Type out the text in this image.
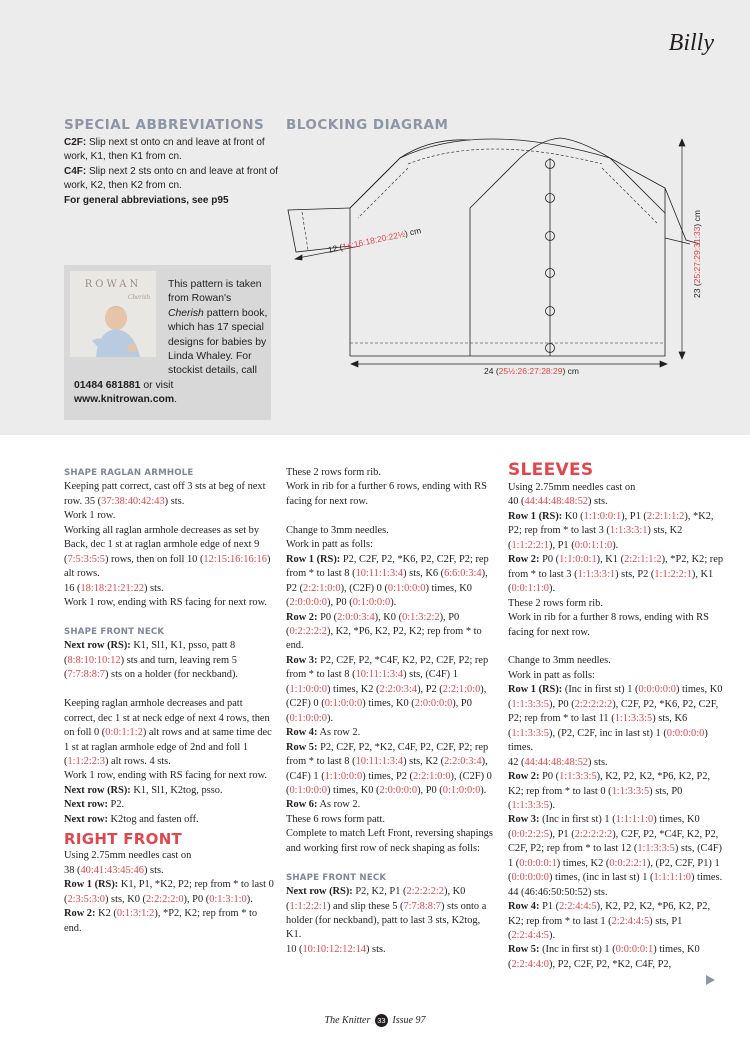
Billy
SPECIAL ABBREVIATIONS
C2F: Slip next st onto cn and leave at front of work, K1, then K1 from cn.
C4F: Slip next 2 sts onto cn and leave at front of work, K2, then K2 from cn.
For general abbreviations, see p95
ROWAN
Cherish
This pattern is taken from Rowan's Cherish pattern book, which has 17 special designs for babies by Linda Whaley. For stockist details, call
01484 681881 or visit
www.knitrowan.com.
BLOCKING DIAGRAM
12 (14:16:18:20:22½) cm
24 (25½:26:27:28:29) cm
23 (25:27:29:31:33) cm

SHAPE RAGLAN ARMHOLE

Keeping patt correct, cast off 3 sts at beg of next row. 35 (37:38:40:42:43) sts.

Work 1 row.

Working all raglan armhole decreases as set by Back, dec 1 st at raglan armhole edge of next 9 (7:5:3:5:5) rows, then on foll 10 (12:15:16:16:16) alt rows.

16 (18:18:21:21:22) sts.

Work 1 row, ending with RS facing for next row.

SHAPE FRONT NECK

Next row (RS): K1, Sl1, K1, psso, patt 8 (8:8:10:10:12) sts and turn, leaving rem 5 (7:7:8:8:7) sts on a holder (for neckband).

Keeping raglan armhole decreases and patt correct, dec 1 st at neck edge of next 4 rows, then on foll 0 (0:0:1:1:2) alt rows and at same time dec 1 st at raglan armhole edge of 2nd and foll 1 (1:1:2:2:3) alt rows. 4 sts.

Work 1 row, ending with RS facing for next row.

Next row (RS): K1, Sl1, K2tog, psso.

Next row: P2.

Next row: K2tog and fasten off.

RIGHT FRONT

Using 2.75mm needles cast on

38 (40:41:43:45:46) sts.

Row 1 (RS): K1, P1, *K2, P2; rep from * to last 0 (2:3:5:3:0) sts, K0 (2:2:2:2:0), P0 (0:1:3:1:0).

Row 2: K2 (0:1:3:1:2), *P2, K2; rep from * to end.

These 2 rows form rib.

Work in rib for a further 6 rows, ending with RS facing for next row.

Change to 3mm needles.

Work in patt as folls:

Row 1 (RS): P2, C2F, P2, *K6, P2, C2F, P2; rep from * to last 8 (10:11:1:3:4) sts, K6 (6:6:0:3:4), P2 (2:2:1:0:0), (C2F) 0 (0:1:0:0:0) times, K0 (2:0:0:0:0), P0 (0:1:0:0:0).

Row 2: P0 (2:0:0:3:4), K0 (0:1:3:2:2), P0 (0:2:2:2:2), K2, *P6, K2, P2, K2; rep from * to end.

Row 3: P2, C2F, P2, *C4F, K2, P2, C2F, P2; rep from * to last 8 (10:11:1:3:4) sts, (C4F) 1 (1:1:0:0:0) times, K2 (2:2:0:3:4), P2 (2:2:1:0:0), (C2F) 0 (0:1:0:0:0) times, K0 (2:0:0:0:0), P0 (0:1:0:0:0).

Row 4: As row 2.

Row 5: P2, C2F, P2, *K2, C4F, P2, C2F, P2; rep from * to last 8 (10:11:1:3:4) sts, K2 (2:2:0:3:4), (C4F) 1 (1:1:0:0:0) times, P2 (2:2:1:0:0), (C2F) 0 (0:1:0:0:0) times, K0 (2:0:0:0:0), P0 (0:1:0:0:0).

Row 6: As row 2.

These 6 rows form patt.

Complete to match Left Front, reversing shapings and working first row of neck shaping as folls:

SHAPE FRONT NECK

Next row (RS): P2, K2, P1 (2:2:2:2:2), K0 (1:1:2:2:1) and slip these 5 (7:7:8:8:7) sts onto a holder (for neckband), patt to last 3 sts, K2tog, K1.

10 (10:10:12:12:14) sts.

SLEEVES

Using 2.75mm needles cast on

40 (44:44:48:48:52) sts.

Row 1 (RS): K0 (1:1:0:0:1), P1 (2:2:1:1:2), *K2, P2; rep from * to last 3 (1:1:3:3:1) sts, K2 (1:1:2:2:1), P1 (0:0:1:1:0).

Row 2: P0 (1:1:0:0:1), K1 (2:2:1:1:2), *P2, K2; rep from * to last 3 (1:1:3:3:1) sts, P2 (1:1:2:2:1), K1 (0:0:1:1:0).

These 2 rows form rib.

Work in rib for a further 8 rows, ending with RS facing for next row.

Change to 3mm needles.

Work in patt as folls:

Row 1 (RS): (Inc in first st) 1 (0:0:0:0:0) times, K0 (1:1:3:3:5), P0 (2:2:2:2:2), C2F, P2, *K6, P2, C2F, P2; rep from * to last 11 (1:1:3:3:5) sts, K6 (1:1:3:3:5), (P2, C2F, inc in last st) 1 (0:0:0:0:0) times.

42 (44:44:48:48:52) sts.

Row 2: P0 (1:1:3:3:5), K2, P2, K2, *P6, K2, P2, K2; rep from * to last 0 (1:1:3:3:5) sts, P0 (1:1:3:3:5).

Row 3: (Inc in first st) 1 (1:1:1:1:0) times, K0 (0:0:2:2:5), P1 (2:2:2:2:2), C2F, P2, *C4F, K2, P2, C2F, P2; rep from * to last 12 (1:1:3:3:5) sts, (C4F) 1 (0:0:0:0:1) times, K2 (0:0:2:2:1), (P2, C2F, P1) 1 (0:0:0:0:0) times, (inc in last st) 1 (1:1:1:1:0) times.

44 (46:46:50:50:52) sts.

Row 4: P1 (2:2:4:4:5), K2, P2, K2, *P6, K2, P2, K2; rep from * to last 1 (2:2:4:4:5) sts, P1 (2:2:4:4:5).

Row 5: (Inc in first st) 1 (0:0:0:0:1) times, K0 (2:2:4:4:0), P2, C2F, P2, *K2, C4F, P2,

The Knitter 33 Issue 97
